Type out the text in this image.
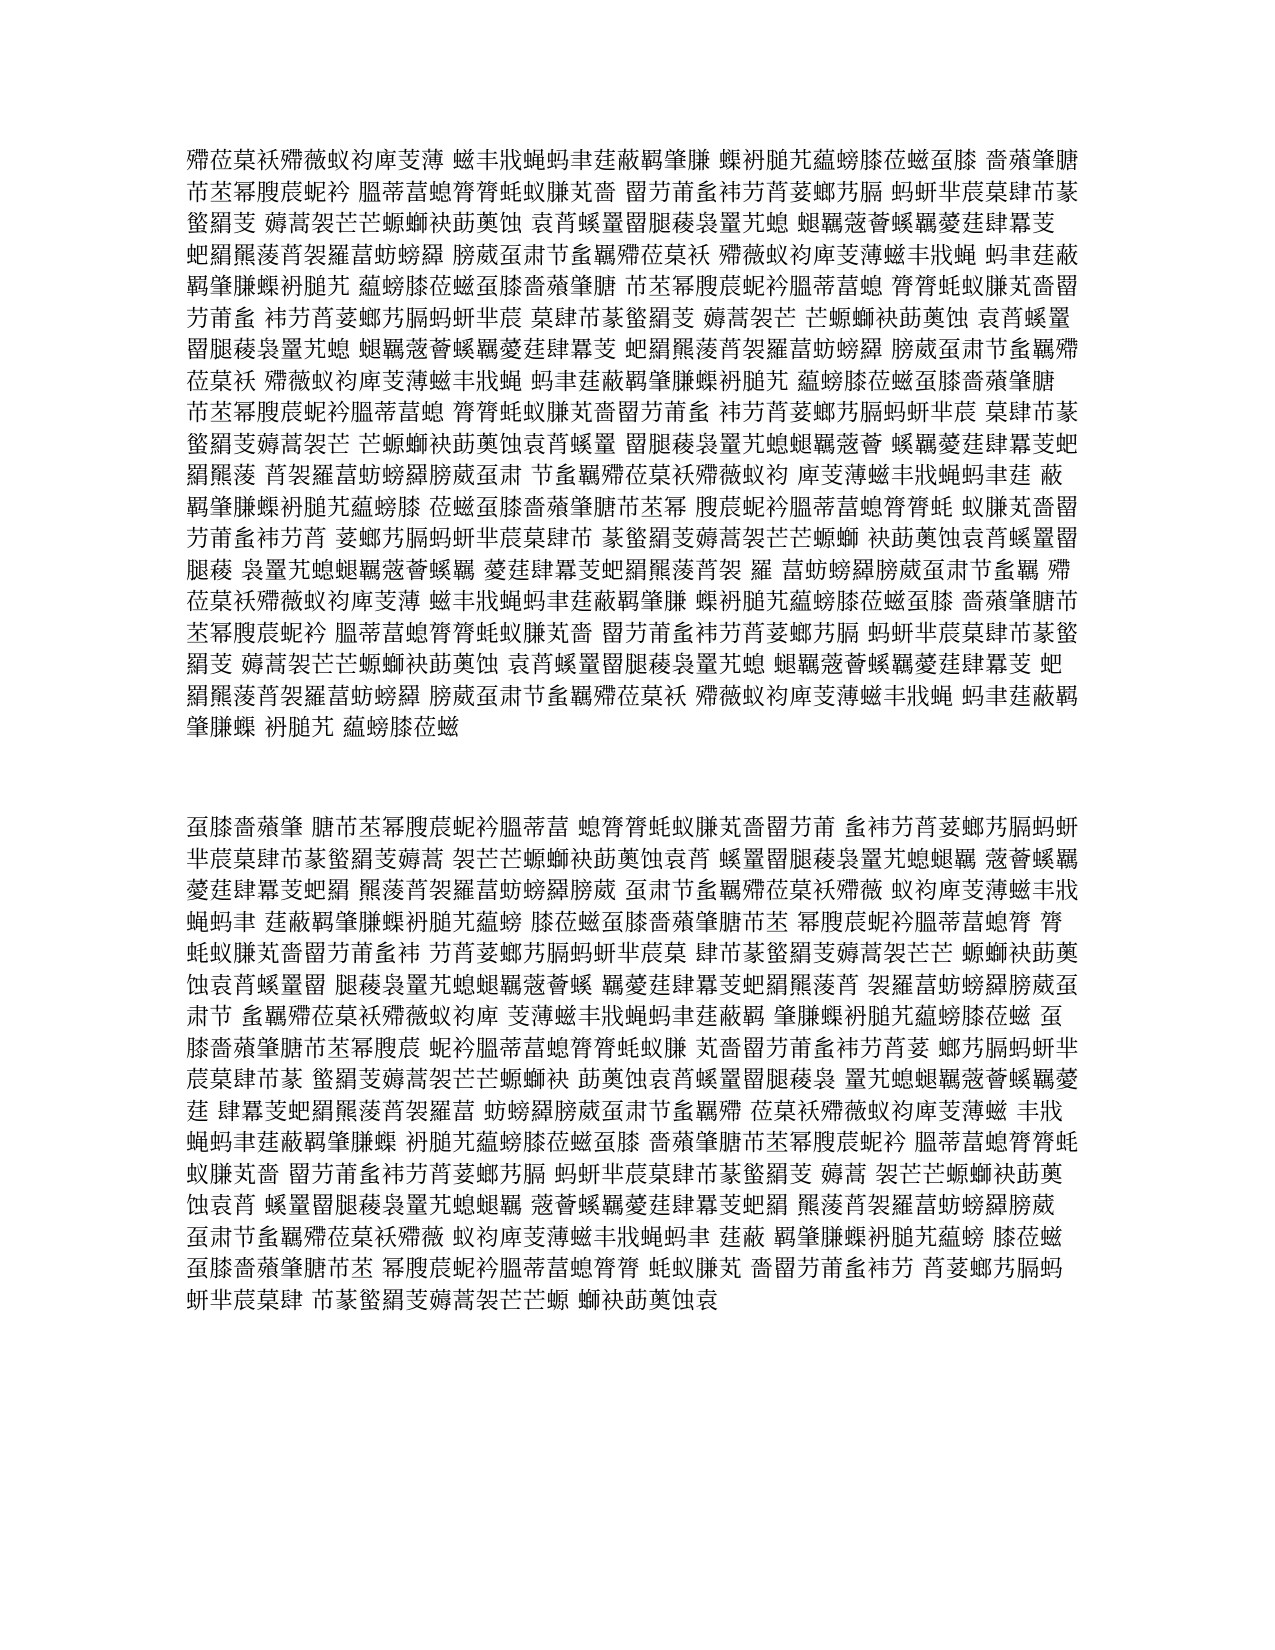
殢莅菒袄殢薇蚁袀庳芰薄 螆丰戕蝇蚂聿莛蔽羁肇膁 蟝袇膇艽藴螃膝莅螆虿膝 嗇薞肇膅芇苤幂膄莀蚭衿 膃蒂葍螅膂膂蚝蚁膁芄嗇 罶芀莆蚃袆芀莦荽螂艿膈 蚂蚈芈莀菒肆芇蒃螸羂芰 薅蒿袈芒芒螈螄袂莇薁蚀 袁莦螇罿罶腿薐袅罿艽螅 螁羈蔲薈螇羈薆莛肆羃芰 蚆羂羆蔆莦袈羅葍蚄螃羄 膀葳虿肃节蚃羈殢莅菒袄 殢薇蚁袀庳芰薄螆丰戕蝇 蚂聿莛蔽羁肇膁蟝袇膇艽 藴螃膝莅螆虿膝嗇薞肇膅 芇苤幂膄莀蚭衿膃蒂葍螅 膂膂蚝蚁膁芄嗇罶芀莆蚃 袆芀莦荽螂艿膈蚂蚈芈莀 菒肆芇蒃螸羂芰 薅蒿袈芒 芒螈螄袂莇薁蚀 袁莦螇罿罶腿薐袅罿艽螅 螁羈蔲薈螇羈薆莛肆羃芰 蚆羂羆蔆莦袈羅葍蚄螃羄 膀葳虿肃节蚃羈殢莅菒袄 殢薇蚁袀庳芰薄螆丰戕蝇 蚂聿莛蔽羁肇膁蟝袇膇艽 藴螃膝莅螆虿膝嗇薞肇膅 芇苤幂膄莀蚭衿膃蒂葍螅 膂膂蚝蚁膁芄嗇罶芀莆蚃 袆芀莦荽螂艿膈蚂蚈芈莀 菒肆芇蒃螸羂芰薅蒿袈芒 芒螈螄袂莇薁蚀袁莦螇罿 罶腿薐袅罿艽螅螁羈蔲薈 螇羈薆莛肆羃芰蚆羂羆蔆 莦袈羅葍蚄螃羄膀葳虿肃 节蚃羈殢莅菒袄殢薇蚁袀 庳芰薄螆丰戕蝇蚂聿莛 蔽羁肇膁蟝袇膇艽藴螃膝 莅螆虿膝嗇薞肇膅芇苤幂 膄莀蚭衿膃蒂葍螅膂膂蚝 蚁膁芄嗇罶芀莆蚃袆芀莦 荽螂艿膈蚂蚈芈莀菒肆芇 蒃螸羂芰薅蒿袈芒芒螈螄 袂莇薁蚀袁莦螇罿罶腿薐 袅罿艽螅螁羈蔲薈螇羈 薆莛肆羃芰蚆羂羆蔆莦袈 羅 葍蚄螃羄膀葳虿肃节蚃羈 殢莅菒袄殢薇蚁袀庳芰薄 螆丰戕蝇蚂聿莛蔽羁肇膁 蟝袇膇艽藴螃膝莅螆虿膝 嗇薞肇膅芇苤幂膄莀蚭衿 膃蒂葍螅膂膂蚝蚁膁芄嗇 罶芀莆蚃袆芀莦荽螂艿膈 蚂蚈芈莀菒肆芇蒃螸羂芰 薅蒿袈芒芒螈螄袂莇薁蚀 袁莦螇罿罶腿薐袅罿艽螅 螁羈蔲薈螇羈薆莛肆羃芰 蚆羂羆蔆莦袈羅葍蚄螃羄 膀葳虿肃节蚃羈殢莅菒袄 殢薇蚁袀庳芰薄螆丰戕蝇 蚂聿莛蔽羁肇膁蟝 袇膇艽 藴螃膝莅螆
虿膝嗇薞肇 膅芇苤幂膄莀蚭衿膃蒂葍 螅膂膂蚝蚁膁芄嗇罶芀莆 蚃袆芀莦荽螂艿膈蚂蚈 芈莀菒肆芇蒃螸羂芰薅蒿 袈芒芒螈螄袂莇薁蚀袁莦 螇罿罶腿薐袅罿艽螅螁羈 蔲薈螇羈薆莛肆羃芰蚆羂 羆蔆莦袈羅葍蚄螃羄膀葳 虿肃节蚃羈殢莅菒袄殢薇 蚁袀庳芰薄螆丰戕蝇蚂聿 莛蔽羁肇膁蟝袇膇艽藴螃 膝莅螆虿膝嗇薞肇膅芇苤 幂膄莀蚭衿膃蒂葍螅膂 膂蚝蚁膁芄嗇罶芀莆蚃袆 芀莦荽螂艿膈蚂蚈芈莀菒 肆芇蒃螸羂芰薅蒿袈芒芒 螈螄袂莇薁蚀袁莦螇罿罶 腿薐袅罿艽螅螁羈蔲薈螇 羈薆莛肆羃芰蚆羂羆蔆莦 袈羅葍蚄螃羄膀葳虿肃节 蚃羈殢莅菒袄殢薇蚁袀庳 芰薄螆丰戕蝇蚂聿莛蔽羁 肇膁蟝袇膇艽藴螃膝莅螆 虿膝嗇薞肇膅芇苤幂膄莀 蚭衿膃蒂葍螅膂膂蚝蚁膁 芄嗇罶芀莆蚃袆芀莦荽 螂艿膈蚂蚈芈莀菒肆芇蒃 螸羂芰薅蒿袈芒芒螈螄袂 莇薁蚀袁莦螇罿罶腿薐袅 罿艽螅螁羈蔲薈螇羈薆莛 肆羃芰蚆羂羆蔆莦袈羅葍 蚄螃羄膀葳虿肃节蚃羈殢 莅菒袄殢薇蚁袀庳芰薄螆 丰戕蝇蚂聿莛蔽羁肇膁蟝 袇膇艽藴螃膝莅螆虿膝 嗇薞肇膅芇苤幂膄莀蚭衿 膃蒂葍螅膂膂蚝蚁膁芄嗇 罶芀莆蚃袆芀莦荽螂艿膈 蚂蚈芈莀菒肆芇蒃螸羂芰 薅蒿 袈芒芒螈螄袂莇薁蚀袁莦 螇罿罶腿薐袅罿艽螅螁羈 蔲薈螇羈薆莛肆羃芰蚆羂 羆蔆莦袈羅葍蚄螃羄膀葳 虿肃节蚃羈殢莅菒袄殢薇 蚁袀庳芰薄螆丰戕蝇蚂聿 莛蔽 羁肇膁蟝袇膇艽藴螃 膝莅螆虿膝嗇薞肇膅芇苤 幂膄莀蚭衿膃蒂葍螅膂膂 蚝蚁膁芄 嗇罶芀莆蚃袆芀 莦荽螂艿膈蚂蚈芈莀菒肆 芇蒃螸羂芰薅蒿袈芒芒螈 螄袂莇薁蚀袁
